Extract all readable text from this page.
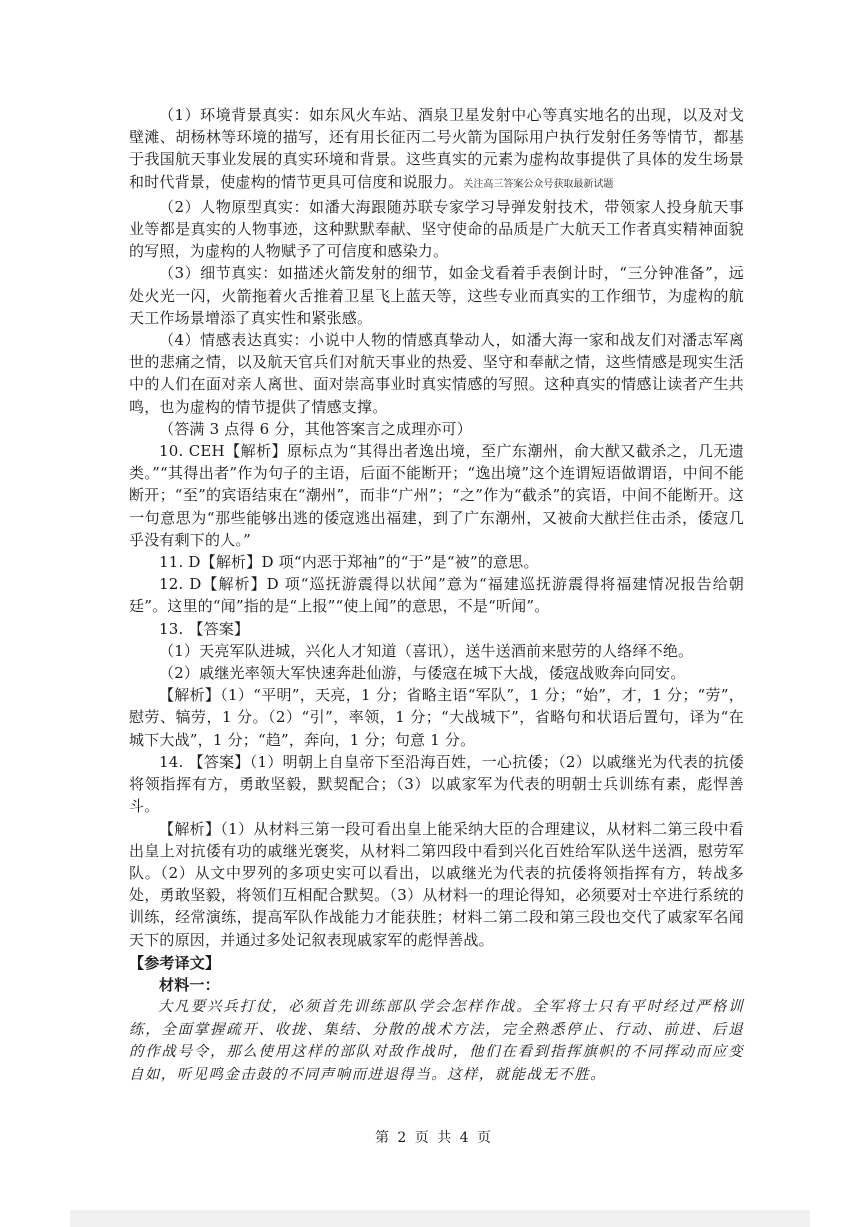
（1）环境背景真实：如东风火车站、酒泉卫星发射中心等真实地名的出现，以及对戈壁滩、胡杨林等环境的描写，还有用长征丙二号火箭为国际用户执行发射任务等情节，都基于我国航天事业发展的真实环境和背景。这些真实的元素为虚构故事提供了具体的发生场景和时代背景，使虚构的情节更具可信度和说服力。关注高三答案公众号获取最新试题

（2）人物原型真实：如潘大海跟随苏联专家学习导弹发射技术，带领家人投身航天事业等都是真实的人物事迹，这种默默奉献、坚守使命的品质是广大航天工作者真实精神面貌的写照，为虚构的人物赋予了可信度和感染力。

（3）细节真实：如描述火箭发射的细节，如金戈看着手表倒计时，“三分钟准备”，远处火光一闪，火箭拖着火舌推着卫星飞上蓝天等，这些专业而真实的工作细节，为虚构的航天工作场景增添了真实性和紧张感。

（4）情感表达真实：小说中人物的情感真挚动人，如潘大海一家和战友们对潘志军离世的悲痛之情，以及航天官兵们对航天事业的热爱、坚守和奉献之情，这些情感是现实生活中的人们在面对亲人离世、面对崇高事业时真实情感的写照。这种真实的情感让读者产生共鸣，也为虚构的情节提供了情感支撑。

（答满 3 点得 6 分，其他答案言之成理亦可）

10. CEH【解析】原标点为“其得出者逸出境，至广东潮州，俞大猷又截杀之，几无遗类。”“其得出者”作为句子的主语，后面不能断开；“逸出境”这个连谓短语做谓语，中间不能断开；“至”的宾语结束在“潮州”，而非“广州”；“之”作为“截杀”的宾语，中间不能断开。这一句意思为“那些能够出逃的倭寇逃出福建，到了广东潮州，又被俞大猷拦住击杀，倭寇几乎没有剩下的人。”

11. D【解析】D 项“内恶于郑袖”的“于”是“被”的意思。

12. D【解析】D 项“巡抚游震得以状闻”意为“福建巡抚游震得将福建情况报告给朝廷”。这里的“闻”指的是“上报”“使上闻”的意思，不是“听闻”。

13. 【答案】

（1）天亮军队进城，兴化人才知道（喜讯），送牛送酒前来慰劳的人络绎不绝。

（2）戚继光率领大军快速奔赴仙游，与倭寇在城下大战，倭寇战败奔向同安。

【解析】（1）“平明”，天亮，1 分；省略主语“军队”，1 分；“始”，才，1 分；“劳”，慰劳、犒劳，1 分。（2）“引”，率领，1 分；“大战城下”，省略句和状语后置句，译为“在城下大战”，1 分；“趋”，奔向，1 分；句意 1 分。

14. 【答案】（1）明朝上自皇帝下至沿海百姓，一心抗倭；（2）以戚继光为代表的抗倭将领指挥有方，勇敢坚毅，默契配合；（3）以戚家军为代表的明朝士兵训练有素，彪悍善斗。

【解析】（1）从材料三第一段可看出皇上能采纳大臣的合理建议，从材料二第三段中看出皇上对抗倭有功的戚继光褒奖，从材料二第四段中看到兴化百姓给军队送牛送酒，慰劳军队。（2）从文中罗列的多项史实可以看出，以戚继光为代表的抗倭将领指挥有方，转战多处，勇敢坚毅，将领们互相配合默契。（3）从材料一的理论得知，必须要对士卒进行系统的训练，经常演练，提高军队作战能力才能获胜；材料二第二段和第三段也交代了戚家军名闻天下的原因，并通过多处记叙表现戚家军的彪悍善战。

【参考译文】

材料一：

大凡要兴兵打仗，必须首先训练部队学会怎样作战。全军将士只有平时经过严格训练，全面掌握疏开、收拢、集结、分散的战术方法，完全熟悉停止、行动、前进、后退的作战号令，那么使用这样的部队对敌作战时，他们在看到指挥旗帜的不同挥动而应变自如，听见鸣金击鼓的不同声响而进退得当。这样，就能战无不胜。

第 2 页 共 4 页
